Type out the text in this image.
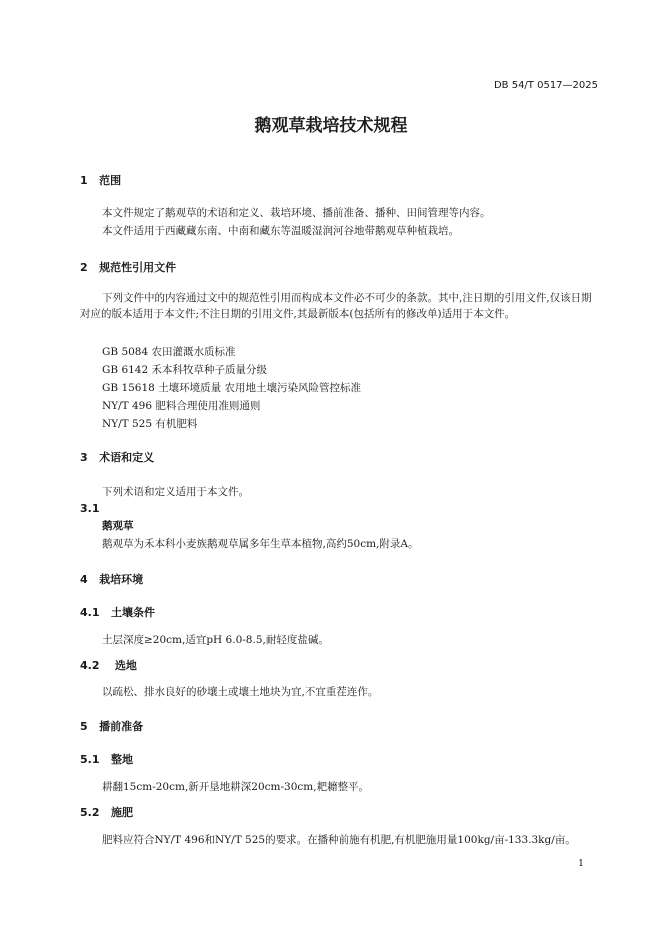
DB 54/T 0517—2025
鹅观草栽培技术规程
1 范围
本文件规定了鹅观草的术语和定义、栽培环境、播前准备、播种、田间管理等内容。
本文件适用于西藏藏东南、中南和藏东等温暖湿润河谷地带鹅观草种植栽培。
2 规范性引用文件
下列文件中的内容通过文中的规范性引用而构成本文件必不可少的条款。其中,注日期的引用文件,仅该日期对应的版本适用于本文件;不注日期的引用文件,其最新版本(包括所有的修改单)适用于本文件。
GB 5084 农田灌溉水质标准
GB 6142 禾本科牧草种子质量分级
GB 15618 土壤环境质量 农用地土壤污染风险管控标准
NY/T 496 肥料合理使用准则通则
NY/T 525 有机肥料
3 术语和定义
下列术语和定义适用于本文件。
3.1
鹅观草
鹅观草为禾本科小麦族鹅观草属多年生草本植物,高约50cm,附录A。
4 栽培环境
4.1 土壤条件
土层深度≥20cm,适宜pH 6.0-8.5,耐轻度盐碱。
4.2 选地
以疏松、排水良好的砂壤土或壤土地块为宜,不宜重茬连作。
5 播前准备
5.1 整地
耕翻15cm-20cm,新开垦地耕深20cm-30cm,耙耱整平。
5.2 施肥
肥料应符合NY/T 496和NY/T 525的要求。在播种前施有机肥,有机肥施用量100kg/亩-133.3kg/亩。
1
